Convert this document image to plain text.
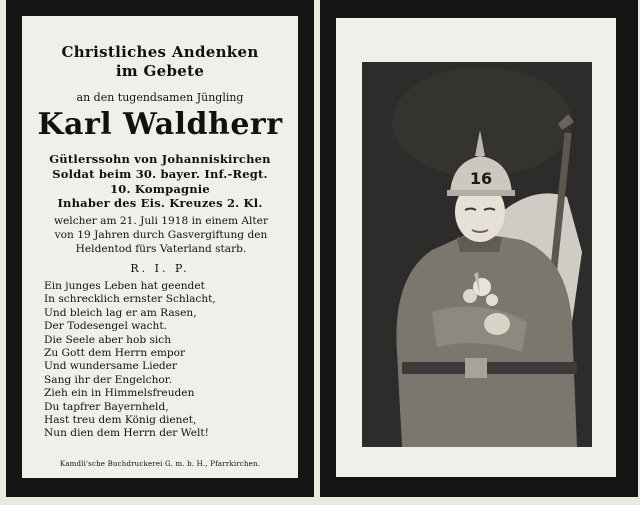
Christliches Andenken
im Gebete
an den tugendsamen Jüngling
Karl Waldherr
Gütlerssohn von Johanniskirchen
Soldat beim 30. bayer. Inf.-Regt.
10. Kompagnie
Inhaber des Eis. Kreuzes 2. Kl.
welcher am 21. Juli 1918 in einem Alter
von 19 Jahren durch Gasvergiftung den
Heldentod fürs Vaterland starb.
R. I. P.
Ein junges Leben hat geendet
In schrecklich ernster Schlacht,
Und bleich lag er am Rasen,
Der Todesengel wacht.
Die Seele aber hob sich
Zu Gott dem Herrn empor
Und wundersame Lieder
Sang ihr der Engelchor.
Zieh ein in Himmelsfreuden
Du tapfrer Bayernheld,
Hast treu dem König dienet,
Nun dien dem Herrn der Welt!
Kamdli'sche Buchdruckerei G. m. b. H., Pfarrkirchen.
16
